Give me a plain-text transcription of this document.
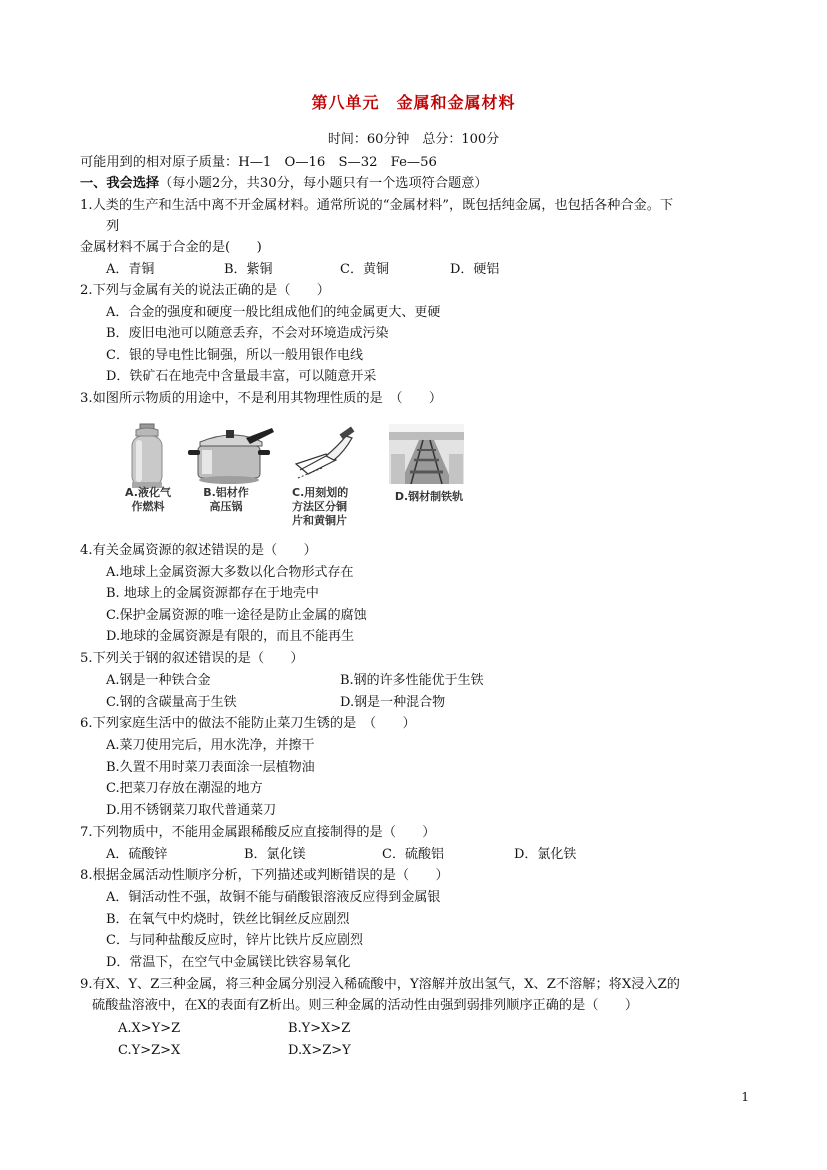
第八单元　金属和金属材料
时间：60分钟　总分：100分
可能用到的相对原子质量：H—1　O—16　S—32　Fe—56
一、我会选择（每小题2分，共30分，每小题只有一个选项符合题意）
1.人类的生产和生活中离不开金属材料。通常所说的“金属材料”，既包括纯金属，也包括各种合金。下
列
金属材料不属于合金的是(　　)
A．青铜	B．紫铜	C．黄铜	D．硬铝
2.下列与金属有关的说法正确的是（　　）
A．合金的强度和硬度一般比组成他们的纯金属更大、更硬
B．废旧电池可以随意丢弃，不会对环境造成污染
C．银的导电性比铜强，所以一般用银作电线
D．铁矿石在地壳中含量最丰富，可以随意开采
3.如图所示物质的用途中，不是利用其物理性质的是　（　　）
A.液化气
作燃料
B.铝材作
高压锅
C.用刻划的
方法区分铜
片和黄铜片
D.钢材制铁轨
4.有关金属资源的叙述错误的是（　　）
A.地球上金属资源大多数以化合物形式存在
B. 地球上的金属资源都存在于地壳中
C.保护金属资源的唯一途径是防止金属的腐蚀
D.地球的金属资源是有限的，而且不能再生
5.下列关于钢的叙述错误的是（　　）
A.钢是一种铁合金	B.钢的许多性能优于生铁
C.钢的含碳量高于生铁	D.钢是一种混合物
6.下列家庭生活中的做法不能防止菜刀生锈的是　（　　）
A.菜刀使用完后，用水洗净，并擦干
B.久置不用时菜刀表面涂一层植物油
C.把菜刀存放在潮湿的地方
D.用不锈钢菜刀取代普通菜刀
7.下列物质中，不能用金属跟稀酸反应直接制得的是（　　）
A．硫酸锌	B．氯化镁	C．硫酸铝	D．氯化铁
8.根据金属活动性顺序分析，下列描述或判断错误的是（　　）
A．铜活动性不强，故铜不能与硝酸银溶液反应得到金属银
B．在氧气中灼烧时，铁丝比铜丝反应剧烈
C．与同种盐酸反应时，锌片比铁片反应剧烈
D．常温下，在空气中金属镁比铁容易氧化
9.有X、Y、Z三种金属，将三种金属分别浸入稀硫酸中，Y溶解并放出氢气，X、Z不溶解；将X浸入Z的
硫酸盐溶液中，在X的表面有Z析出。则三种金属的活动性由强到弱排列顺序正确的是（　　）
A.X>Y>Z	B.Y>X>Z
C.Y>Z>X	D.X>Z>Y
1
